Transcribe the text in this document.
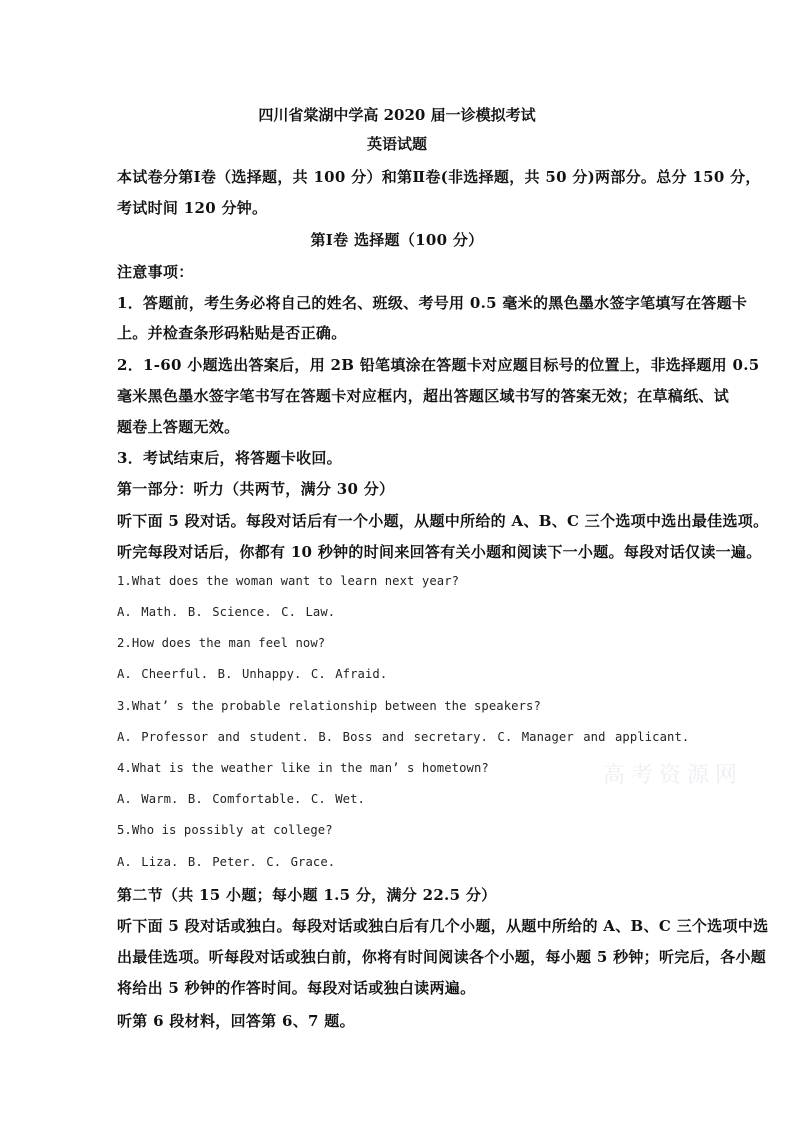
四川省棠湖中学高 2020 届一诊模拟考试
英语试题
本试卷分第Ⅰ卷（选择题，共 100 分）和第Ⅱ卷(非选择题，共 50 分)两部分。总分 150 分，
考试时间 120 分钟。
第Ⅰ卷 选择题（100 分）
注意事项：
1．答题前，考生务必将自己的姓名、班级、考号用 0.5 毫米的黑色墨水签字笔填写在答题卡
上。并检查条形码粘贴是否正确。
2．1-60 小题选出答案后，用 2B 铅笔填涂在答题卡对应题目标号的位置上，非选择题用 0.5
毫米黑色墨水签字笔书写在答题卡对应框内，超出答题区域书写的答案无效；在草稿纸、试
题卷上答题无效。
3．考试结束后，将答题卡收回。
第一部分：听力（共两节，满分 30 分）
听下面 5 段对话。每段对话后有一个小题，从题中所给的 A、B、C 三个选项中选出最佳选项。
听完每段对话后，你都有 10 秒钟的时间来回答有关小题和阅读下一小题。每段对话仅读一遍。
1.What does the woman want to learn next year?
A. Math. B. Science. C. Law.
2.How does the man feel now?
A. Cheerful. B. Unhappy. C. Afraid.
3.What’ s the probable relationship between the speakers?
A. Professor and student. B. Boss and secretary. C. Manager and applicant.
4.What is the weather like in the man’ s hometown?
A. Warm. B. Comfortable. C. Wet.
5.Who is possibly at college?
A. Liza. B. Peter. C. Grace.
第二节（共 15 小题；每小题 1.5 分，满分 22.5 分）
听下面 5 段对话或独白。每段对话或独白后有几个小题，从题中所给的 A、B、C 三个选项中选
出最佳选项。听每段对话或独白前，你将有时间阅读各个小题，每小题 5 秒钟；听完后，各小题
将给出 5 秒钟的作答时间。每段对话或独白读两遍。
听第 6 段材料，回答第 6、7 题。
高考资源网
